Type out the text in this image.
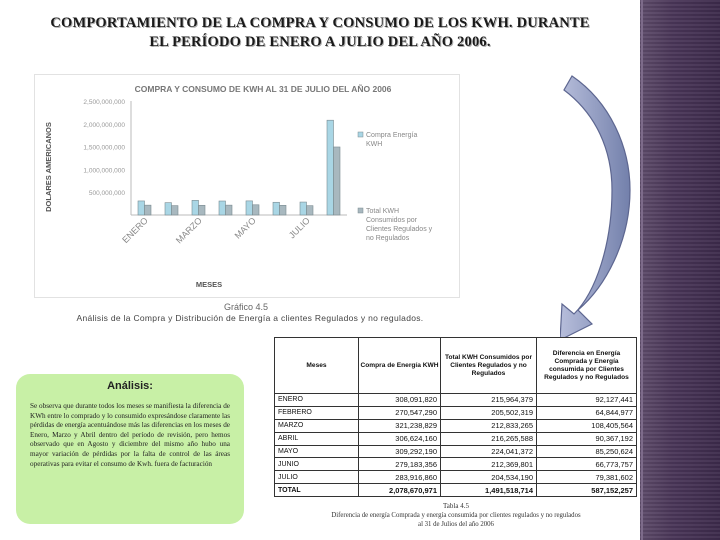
COMPORTAMIENTO DE LA COMPRA Y CONSUMO DE LOS KWH. DURANTE
EL PERÍODO DE ENERO A JULIO DEL AÑO 2006.
COMPRA Y CONSUMO DE KWH AL 31 DE JULIO DEL AÑO 2006
DOLARES AMERICANOS	500,000,000
1,000,000,000
1,500,000,000
2,000,000,000
2,500,000,000
ENERO	MARZO	MAYO	JULIO
MESES
Compra Energía KWH
Total KWH Consumidos por Clientes Regulados y no Regulados
Gráfico 4.5
Análisis de la Compra y Distribución de Energía a clientes Regulados y no regulados.
Análisis:

Se observa que durante todos los meses se manifiesta la diferencia de KWh entre lo comprado y lo consumido expresándose claramente las pérdidas de energía acentuándose más las diferencias en los meses de Enero, Marzo y Abril dentro del período de revisión, pero hemos observado que en Agosto y diciembre del mismo año hubo una mayor variación de pérdidas por la falta de control de las áreas operativas para evitar el consumo de Kwh. fuera de facturación

Meses	Compra de Energía KWH	Total KWH Consumidos por Clientes Regulados y no Regulados	Diferencia en Energía Comprada y Energía consumida por Clientes Regulados y no Regulados
ENERO	308,091,820	215,964,379	92,127,441
FEBRERO	270,547,290	205,502,319	64,844,977
MARZO	321,238,829	212,833,265	108,405,564
ABRIL	306,624,160	216,265,588	90,367,192
MAYO	309,292,190	224,041,372	85,250,624
JUNIO	279,183,356	212,369,801	66,773,757
JULIO	283,916,860	204,534,190	79,381,602
TOTAL	2,078,670,971	1,491,518,714	587,152,257
Tabla 4.5
Diferencia de energía Comprada y energía consumida por clientes regulados y no regulados
al 31 de Julios del año 2006
